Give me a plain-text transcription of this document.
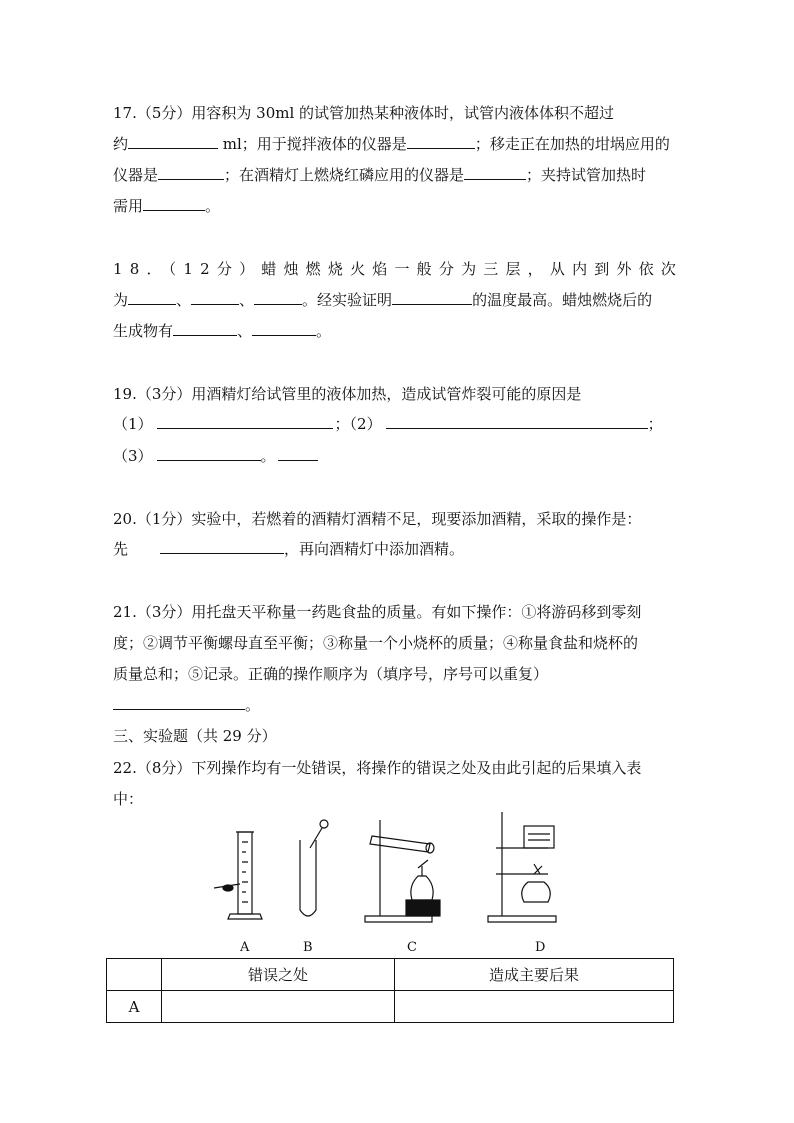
17.（5分）用容积为 30ml 的试管加热某种液体时，试管内液体体积不超过
约	ml；用于搅拌液体的仪器是	；移走正在加热的坩埚应用的
仪器是	；在酒精灯上燃烧红磷应用的仪器是	；夹持试管加热时
需用	。
18．（12分）蜡烛燃烧火焰一般分为三层，从内到外依次
为	、	、	。经实验证明	的温度最高。蜡烛燃烧后的
生成物有	、	。
19.（3分）用酒精灯给试管里的液体加热，造成试管炸裂可能的原因是
（1）	；（2）	；
（3）	。
20.（1分）实验中，若燃着的酒精灯酒精不足，现要添加酒精，采取的操作是：
先	，再向酒精灯中添加酒精。
21.（3分）用托盘天平称量一药匙食盐的质量。有如下操作：①将游码移到零刻
度；②调节平衡螺母直至平衡；③称量一个小烧杯的质量；④称量食盐和烧杯的
质量总和；⑤记录。正确的操作顺序为（填序号，序号可以重复）
。
三、实验题（共 29 分）
22.（8分）下列操作均有一处错误，将操作的错误之处及由此引起的后果填入表
中：
A	B	C	D
	错误之处	造成主要后果
A		
